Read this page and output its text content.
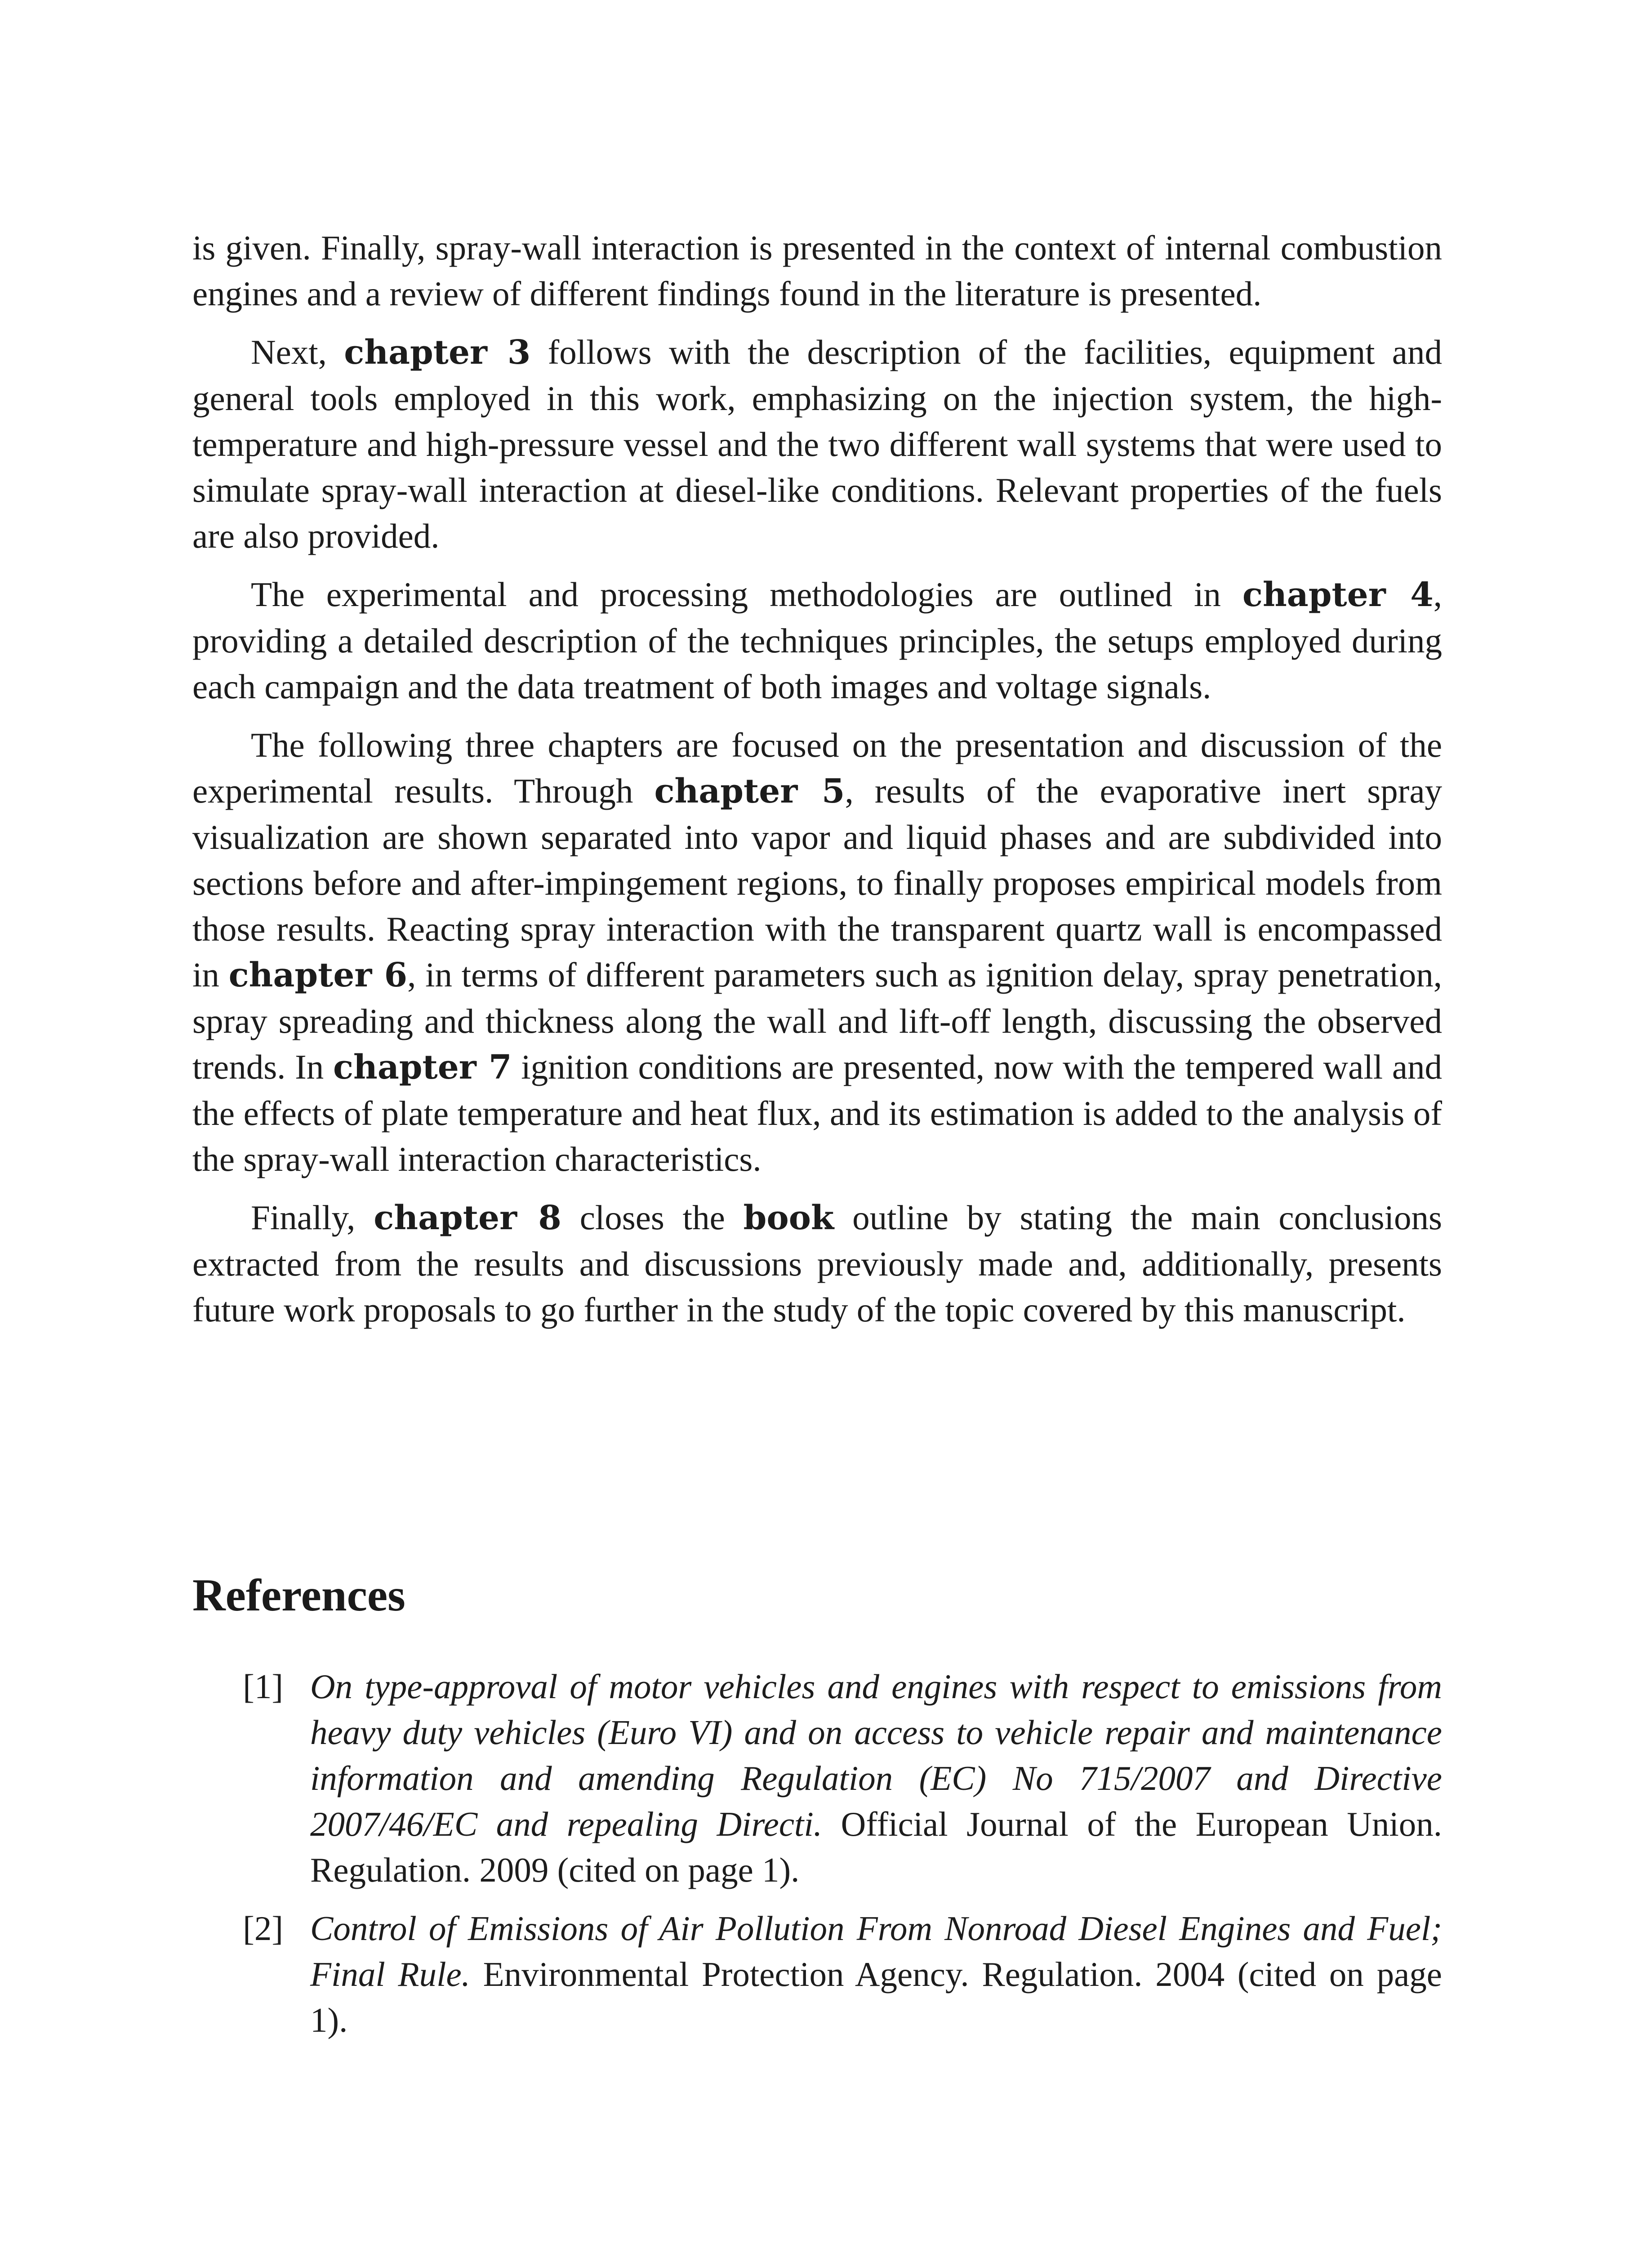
is given. Finally, spray-wall interaction is presented in the context of internal combustion engines and a review of different findings found in the literature is presented.

Next, chapter 3 follows with the description of the facilities, equipment and general tools employed in this work, emphasizing on the injection system, the high-temperature and high-pressure vessel and the two different wall systems that were used to simulate spray-wall interaction at diesel-like conditions. Relevant properties of the fuels are also provided.

The experimental and processing methodologies are outlined in chapter 4, providing a detailed description of the techniques principles, the setups employed during each campaign and the data treatment of both images and voltage signals.

The following three chapters are focused on the presentation and discussion of the experimental results. Through chapter 5, results of the evaporative inert spray visualization are shown separated into vapor and liquid phases and are subdivided into sections before and after-impingement regions, to finally proposes empirical models from those results. Reacting spray interaction with the transparent quartz wall is encompassed in chapter 6, in terms of different parameters such as ignition delay, spray penetration, spray spreading and thickness along the wall and lift-off length, discussing the observed trends. In chapter 7 ignition conditions are presented, now with the tempered wall and the effects of plate temperature and heat flux, and its estimation is added to the analysis of the spray-wall interaction characteristics.

Finally, chapter 8 closes the book outline by stating the main conclusions extracted from the results and discussions previously made and, additionally, presents future work proposals to go further in the study of the topic covered by this manuscript.

References
[1] On type-approval of motor vehicles and engines with respect to emissions from heavy duty vehicles (Euro VI) and on access to vehicle repair and maintenance information and amending Regulation (EC) No 715/2007 and Directive 2007/46/EC and repealing Directi. Official Journal of the European Union. Regulation. 2009 (cited on page 1).
[2] Control of Emissions of Air Pollution From Nonroad Diesel Engines and Fuel; Final Rule. Environmental Protection Agency. Regulation. 2004 (cited on page 1).
